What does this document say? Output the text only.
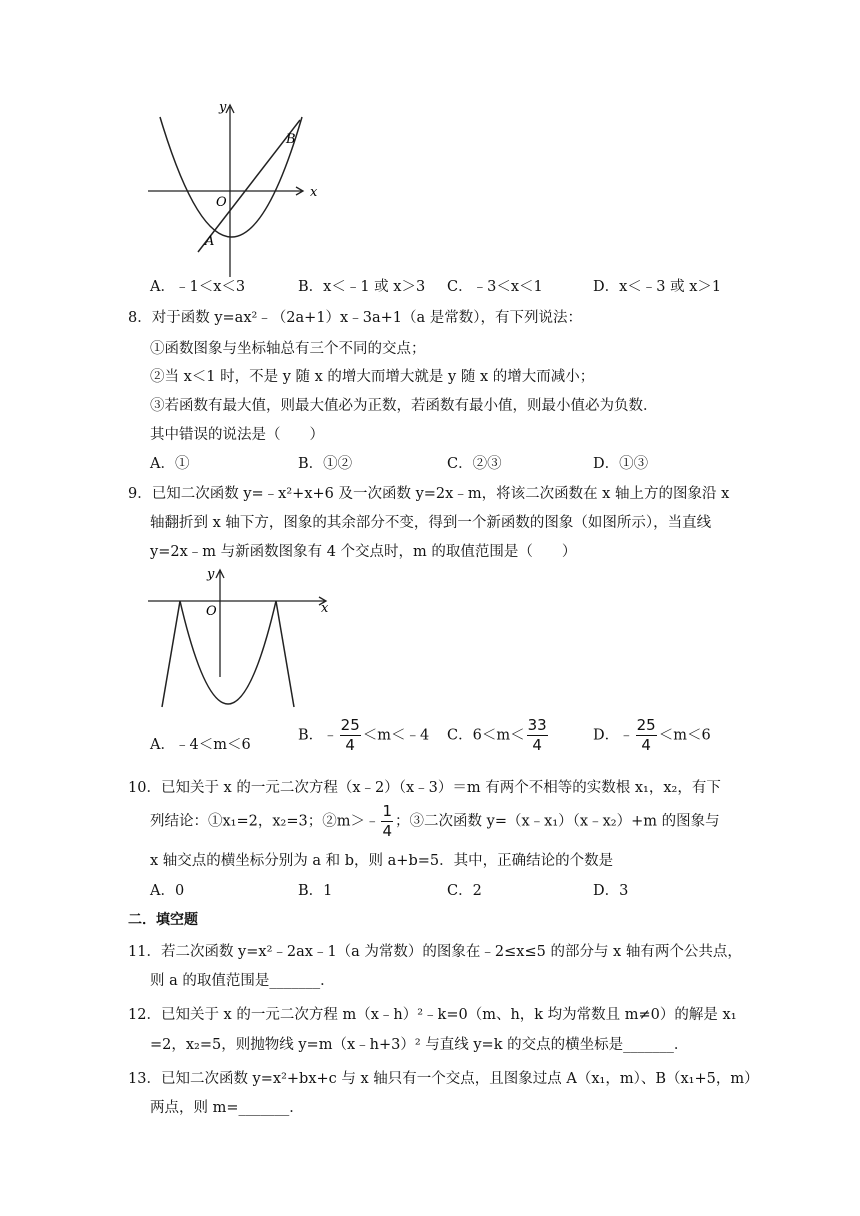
y
x
O
A
B
A．﹣1＜x＜3	B．x＜﹣1 或 x＞3 C．﹣3＜x＜1	D．x＜﹣3 或 x＞1
8．对于函数 y=ax²﹣（2a+1）x﹣3a+1（a 是常数），有下列说法：
①函数图象与坐标轴总有三个不同的交点；
②当 x＜1 时，不是 y 随 x 的增大而增大就是 y 随 x 的增大而减小；
③若函数有最大值，则最大值必为正数，若函数有最小值，则最小值必为负数．
其中错误的说法是（　　）
A．①	B．①②	C．②③	D．①③
9．已知二次函数 y=﹣x²+x+6 及一次函数 y=2x﹣m，将该二次函数在 x 轴上方的图象沿 x
轴翻折到 x 轴下方，图象的其余部分不变，得到一个新函数的图象（如图所示），当直线
y=2x﹣m 与新函数图象有 4 个交点时，m 的取值范围是（　　）
y
x
O
A．﹣4＜m＜6
B．﹣ $\frac{25}{4}$ ＜m＜﹣4 C．$6<m< \frac{33}{4}$	D．﹣ $\frac{25}{4} <m<6$
10．已知关于 x 的一元二次方程（x﹣2）（x﹣3）＝m 有两个不相等的实数根 x₁，x₂，有下
列结论：①x₁=2，x₂=3；②m＞﹣ $\frac{1}{4}$ ；③二次函数 y=（x﹣x₁）（x﹣x₂）+m 的图象与
x 轴交点的横坐标分别为 a 和 b，则 a+b=5．其中，正确结论的个数是
A．0	B．1	C．2	D．3
二．填空题
11．若二次函数 y=x²﹣2ax﹣1（a 为常数）的图象在﹣2≤x≤5 的部分与 x 轴有两个公共点，
则 a 的取值范围是_______．
12．已知关于 x 的一元二次方程 m（x﹣h）²﹣k=0（m、h，k 均为常数且 m≠0）的解是 x₁
=2，x₂=5，则抛物线 y=m（x﹣h+3）² 与直线 y=k 的交点的横坐标是_______．
13．已知二次函数 y=x²+bx+c 与 x 轴只有一个交点，且图象过点 A（x₁，m）、B（x₁+5，m）
两点，则 m=_______．
